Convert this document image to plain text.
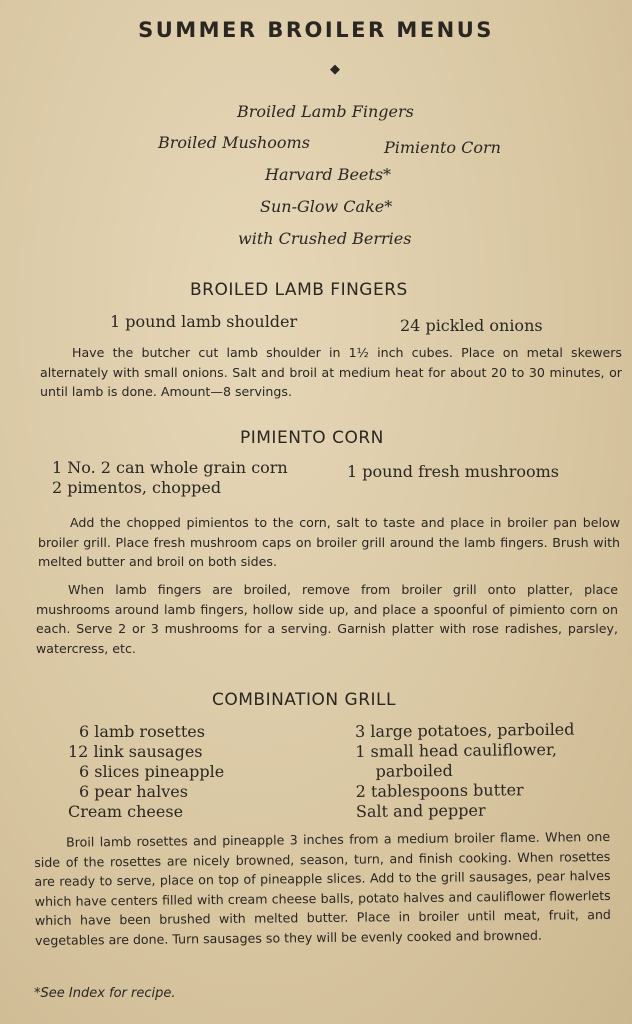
SUMMER BROILER MENUS
◆
Broiled Lamb Fingers
Broiled Mushooms	Pimiento Corn
Harvard Beets*
Sun-Glow Cake*
with Crushed Berries
BROILED LAMB FINGERS
1 pound lamb shoulder	24 pickled onions
Have the butcher cut lamb shoulder in 1½ inch cubes. Place on metal skewers alternately with small onions. Salt and broil at medium heat for about 20 to 30 minutes, or until lamb is done. Amount—8 servings.
PIMIENTO CORN
1 No. 2 can whole grain corn
2 pimentos, chopped
1 pound fresh mushrooms
Add the chopped pimientos to the corn, salt to taste and place in broiler pan below broiler grill. Place fresh mushroom caps on broiler grill around the lamb fingers. Brush with melted butter and broil on both sides.
When lamb fingers are broiled, remove from broiler grill onto platter, place mushrooms around lamb fingers, hollow side up, and place a spoonful of pimiento corn on each. Serve 2 or 3 mushrooms for a serving. Garnish platter with rose radishes, parsley, watercress, etc.
COMBINATION GRILL
6 lamb rosettes
12 link sausages
6 slices pineapple
6 pear halves
Cream cheese
3 large potatoes, parboiled
1 small head cauliflower,
parboiled
2 tablespoons butter
Salt and pepper
Broil lamb rosettes and pineapple 3 inches from a medium broiler flame. When one side of the rosettes are nicely browned, season, turn, and finish cooking. When rosettes are ready to serve, place on top of pineapple slices. Add to the grill sausages, pear halves which have centers filled with cream cheese balls, potato halves and cauliflower flowerlets which have been brushed with melted butter. Place in broiler until meat, fruit, and vegetables are done. Turn sausages so they will be evenly cooked and browned.
*See Index for recipe.
